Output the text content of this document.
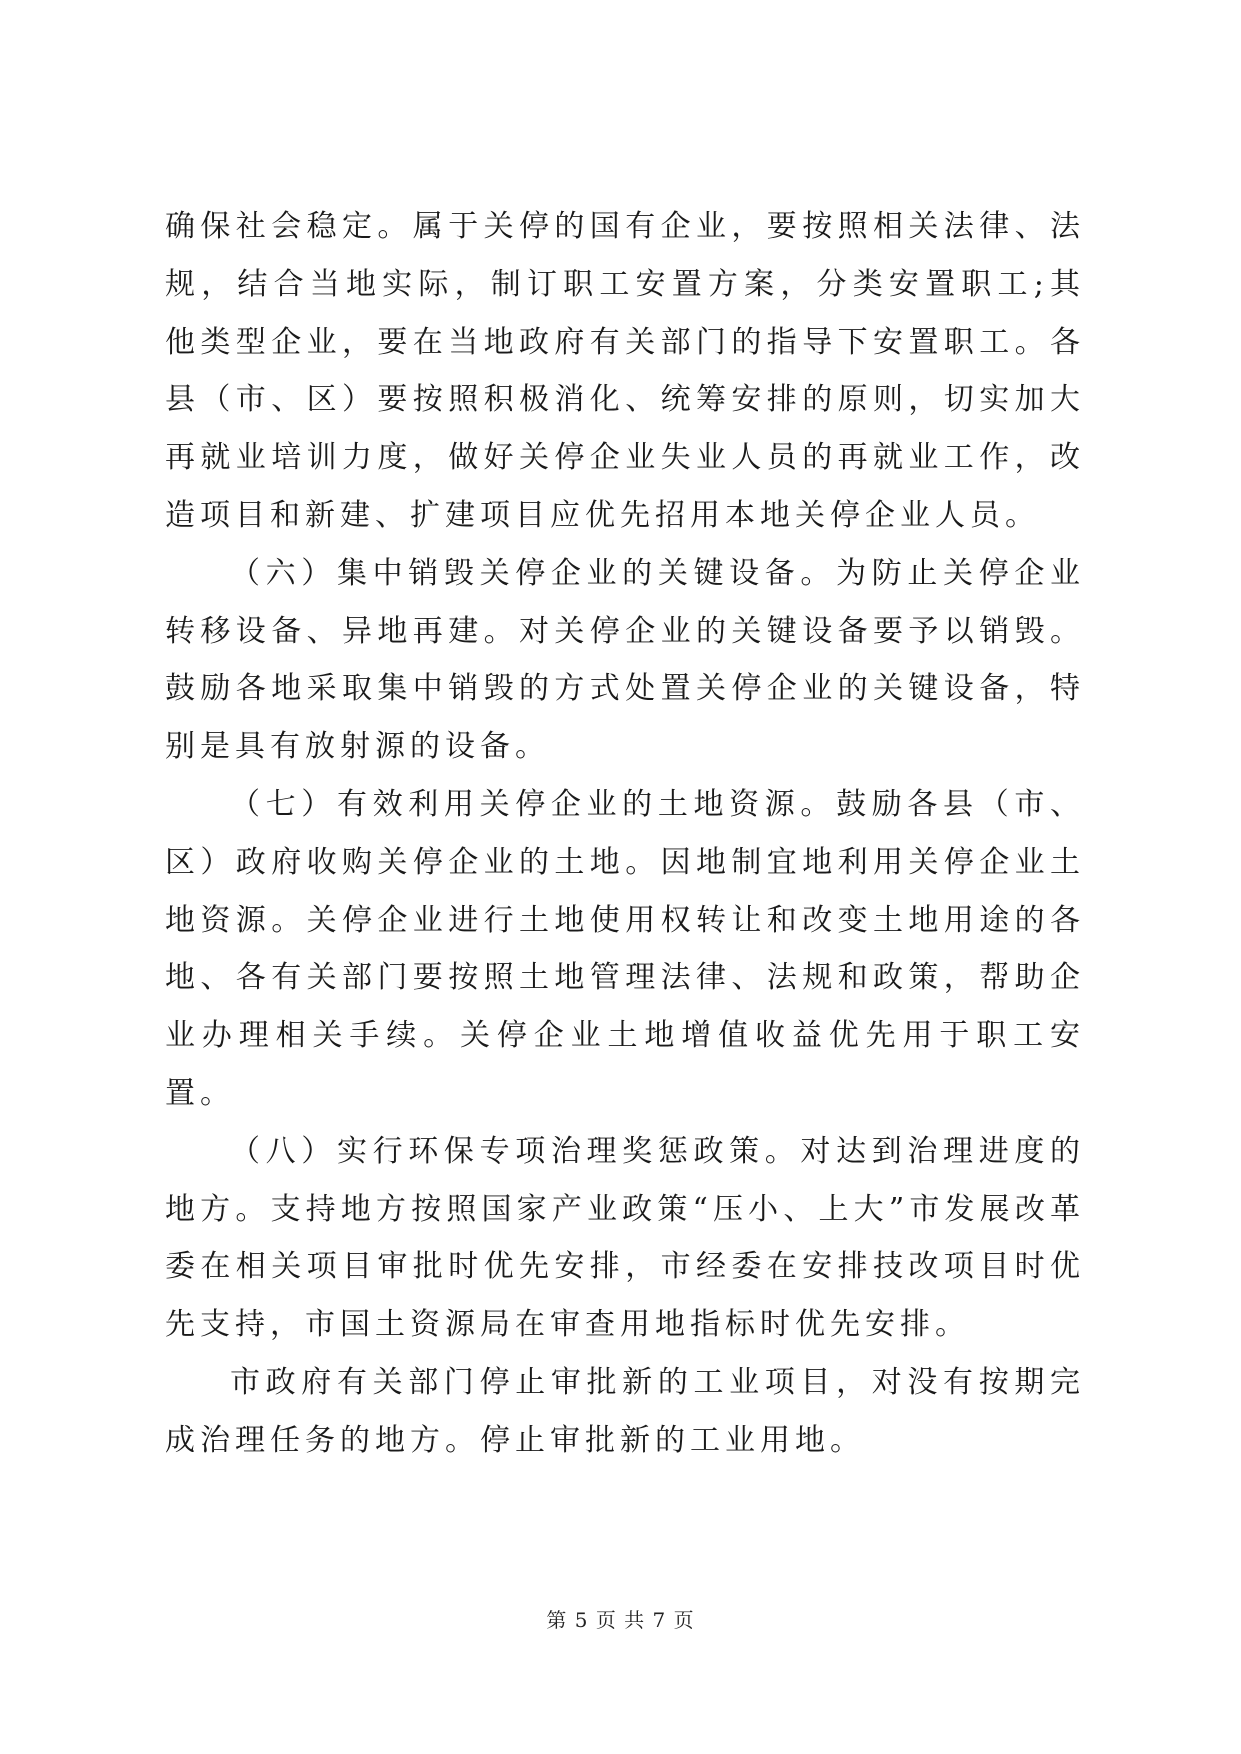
确保社会稳定。属于关停的国有企业，要按照相关法律、法规，结合当地实际，制订职工安置方案，分类安置职工;其他类型企业，要在当地政府有关部门的指导下安置职工。各县（市、区）要按照积极消化、统筹安排的原则，切实加大再就业培训力度，做好关停企业失业人员的再就业工作，改造项目和新建、扩建项目应优先招用本地关停企业人员。

（六）集中销毁关停企业的关键设备。为防止关停企业转移设备、异地再建。对关停企业的关键设备要予以销毁。鼓励各地采取集中销毁的方式处置关停企业的关键设备，特别是具有放射源的设备。

（七）有效利用关停企业的土地资源。鼓励各县（市、区）政府收购关停企业的土地。因地制宜地利用关停企业土地资源。关停企业进行土地使用权转让和改变土地用途的各地、各有关部门要按照土地管理法律、法规和政策，帮助企业办理相关手续。关停企业土地增值收益优先用于职工安置。

（八）实行环保专项治理奖惩政策。对达到治理进度的地方。支持地方按照国家产业政策“压小、上大”市发展改革委在相关项目审批时优先安排，市经委在安排技改项目时优先支持，市国土资源局在审查用地指标时优先安排。

市政府有关部门停止审批新的工业项目，对没有按期完成治理任务的地方。停止审批新的工业用地。

第 5 页 共 7 页
